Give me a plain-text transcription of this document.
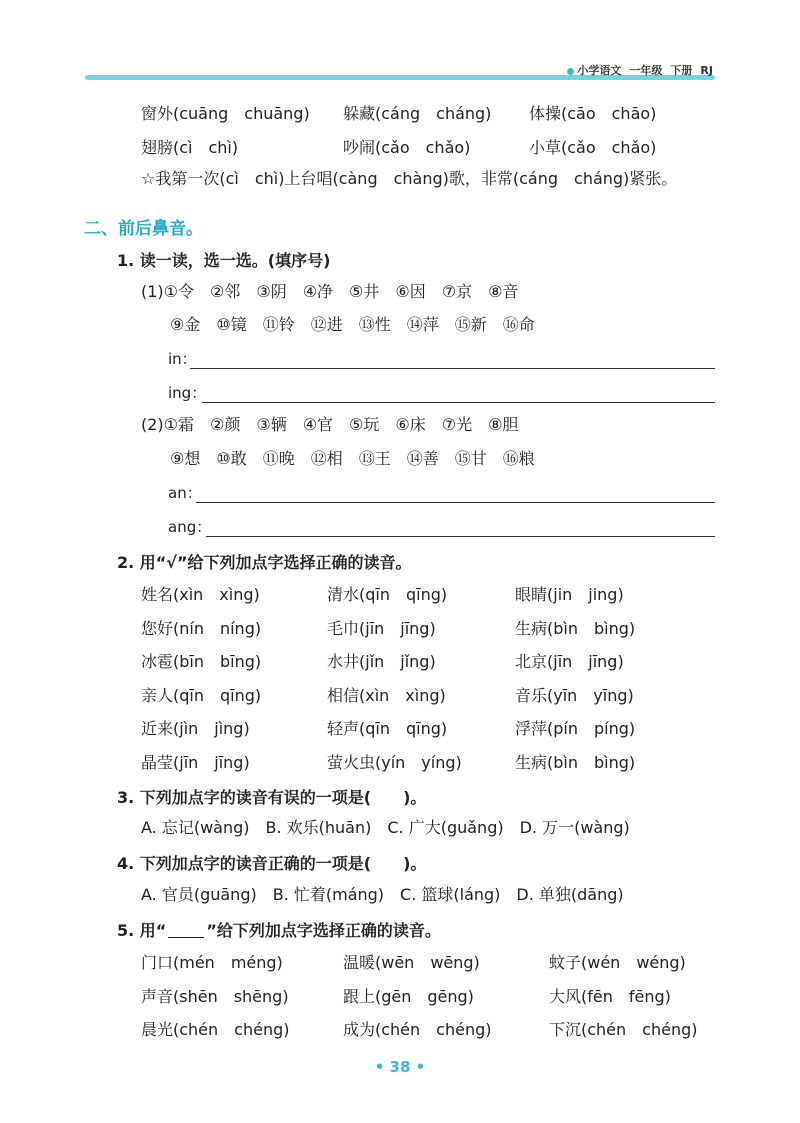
小学语文 一年级 下册 RJ
窗外(cuāng　chuāng) 躲藏(cáng　cháng) 体操(cāo　chāo)
翅膀(cì　chì)	吵闹(cǎo　chǎo)	小草(cǎo　chǎo)
☆我第一次(cì　chì)上台唱(càng　chàng)歌，非常(cáng　cháng)紧张。
二、前后鼻音。
1. 读一读，选一选。(填序号)
(1)①令　②邻　③阴　④净　⑤井　⑥因　⑦京　⑧音
⑨金　⑩镜　⑪铃　⑫进　⑬性　⑭萍　⑮新　⑯命
in：
ing：
(2)①霜　②颜　③辆　④官　⑤玩　⑥床　⑦光　⑧胆
⑨想　⑩敢　⑪晚　⑫相　⑬王　⑭善　⑮甘　⑯粮
an：
ang：
2. 用“√”给下列加点字选择正确的读音。
姓名(xìn　xìng)	清水(qīn　qīng)	眼睛(jin　jing)
您好(nín　níng)	毛巾(jīn　jīng)	生病(bìn　bìng)
冰雹(bīn　bīng)	水井(jǐn　jǐng)	北京(jīn　jīng)
亲人(qīn　qīng)	相信(xìn　xìng)	音乐(yīn　yīng)
近来(jìn　jìng)	轻声(qīn　qīng)	浮萍(pín　píng)
晶莹(jīn　jīng)	萤火虫(yín　yíng)	生病(bìn　bìng)
3. 下列加点字的读音有误的一项是( )。
A. 忘记(wàng)　B. 欢乐(huān)　C. 广大(guǎng)　D. 万一(wàng)
4. 下列加点字的读音正确的一项是( )。
A. 官员(guāng)　B. 忙着(máng)　C. 篮球(láng)　D. 单独(dāng)
5. 用“	”给下列加点字选择正确的读音。
门口(mén　méng)	温暖(wēn　wēng)	蚊子(wén　wéng)
声音(shēn　shēng)	跟上(gēn　gēng)	大风(fēn　fēng)
晨光(chén　chéng)	成为(chén　chéng)	下沉(chén　chéng)
• 38 •
